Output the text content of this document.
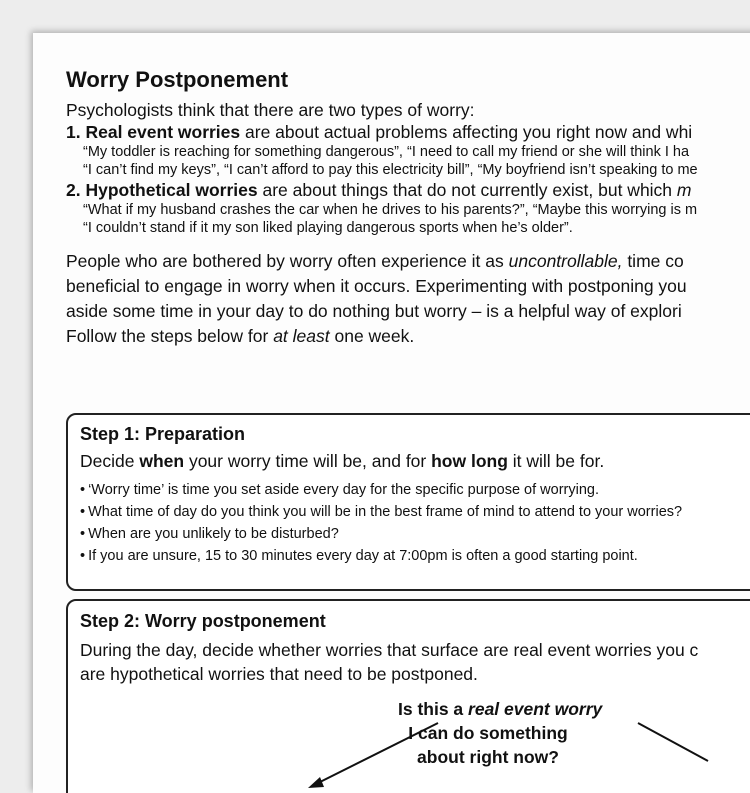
Worry Postponement
Psychologists think that there are two types of worry:
1. Real event worries are about actual problems affecting you right now and whi
“My toddler is reaching for something dangerous”, “I need to call my friend or she will think I ha
“I can’t find my keys”, “I can’t afford to pay this electricity bill”, “My boyfriend isn’t speaking to me
2. Hypothetical worries are about things that do not currently exist, but which m
“What if my husband crashes the car when he drives to his parents?”, “Maybe this worrying is m
“I couldn’t stand if it my son liked playing dangerous sports when he’s older”.
People who are bothered by worry often experience it as uncontrollable, time co
beneficial to engage in worry when it occurs. Experimenting with postponing you
aside some time in your day to do nothing but worry – is a helpful way of explori
Follow the steps below for at least one week.
Step 1: Preparation
Decide when your worry time will be, and for how long it will be for.
• ‘Worry time’ is time you set aside every day for the specific purpose of worrying.
• What time of day do you think you will be in the best frame of mind to attend to your worries?
• When are you unlikely to be disturbed?
• If you are unsure, 15 to 30 minutes every day at 7:00pm is often a good starting point.
Step 2: Worry postponement
During the day, decide whether worries that surface are real event worries you c
are hypothetical worries that need to be postponed.
Is this a real event worry
I can do something
about right now?
